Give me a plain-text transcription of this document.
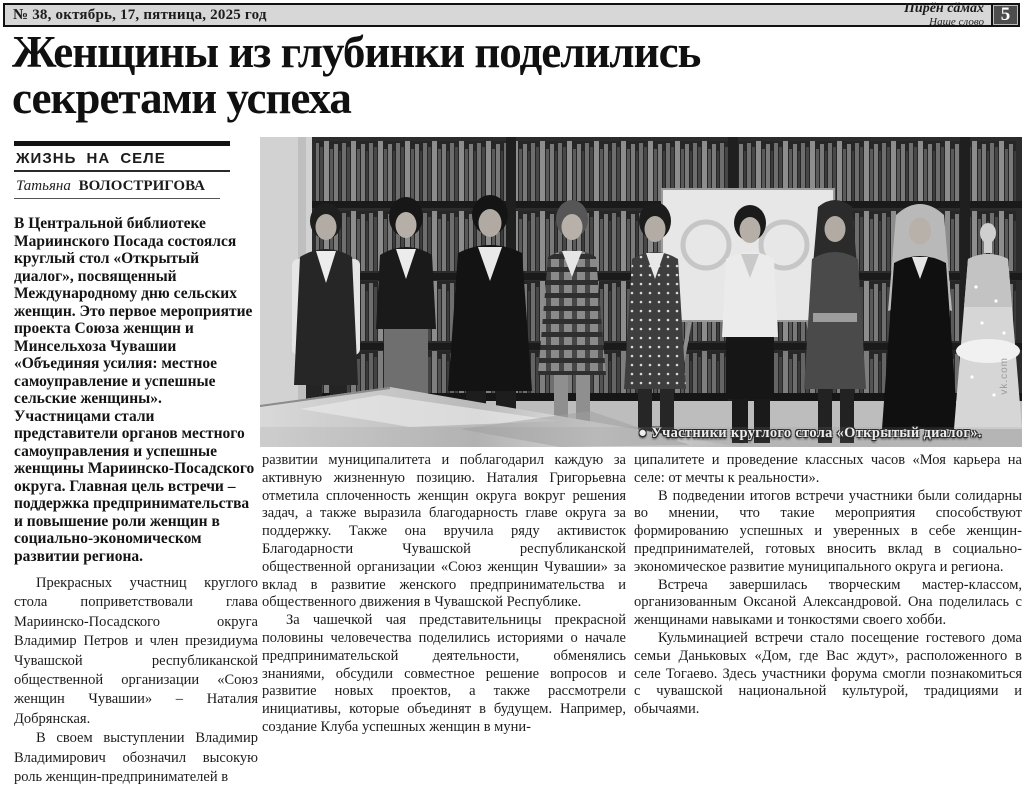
№ 38, октябрь, 17, пятница, 2025 год	Пирĕн сăмах
Наше слово 5
Женщины из глубинки поделились секретами успеха
ЖИЗНЬ НА СЕЛЕ
Татьяна ВОЛОСТРИГОВА

В Центральной библиотеке Мариинского Посада состоялся круглый стол «Открытый диалог», посвященный Международному дню сельских женщин. Это первое мероприятие проекта Союза женщин и Минсельхоза Чувашии «Объединяя усилия: местное самоуправление и успешные сельские женщины». Участницами стали представители органов местного самоуправления и успешные женщины Мариинско-Посадского округа. Главная цель встречи – поддержка предпринимательства и повышение роли женщин в социально-экономическом развитии региона.

Прекрасных участниц круглого стола поприветствовали глава Мариинско-Посадского округа Владимир Петров и член президиума Чувашской республиканской общественной организации «Союз женщин Чувашии» – Наталия Добрянская.

В своем выступлении Владимир Владимирович обозначил высокую роль женщин-предпринимателей в

● Участники круглого стола «Открытый диалог».
vk.com

развитии муниципалитета и поблагодарил каждую за активную жизненную позицию. Наталия Григорьевна отметила сплоченность женщин округа вокруг решения задач, а также выразила благодарность главе округа за поддержку. Также она вручила ряду активисток Благодарности Чувашской республиканской общественной организации «Союз женщин Чувашии» за вклад в развитие женского предпринимательства и общественного движения в Чувашской Республике.

За чашечкой чая представительницы прекрасной половины человечества поделились историями о начале предпринимательской деятельности, обменялись знаниями, обсудили совместное решение вопросов и развитие новых проектов, а также рассмотрели инициативы, которые объединят в будущем. Например, создание Клуба успешных женщин в муни-

ципалитете и проведение классных часов «Моя карьера на селе: от мечты к реальности».

В подведении итогов встречи участники были солидарны во мнении, что такие мероприятия способствуют формированию успешных и уверенных в себе женщин-предпринимателей, готовых вносить вклад в социально-экономическое развитие муниципального округа и региона.

Встреча завершилась творческим мастер-классом, организованным Оксаной Александровой. Она поделилась с женщинами навыками и тонкостями своего хобби.

Кульминацией встречи стало посещение гостевого дома семьи Даньковых «Дом, где Вас ждут», расположенного в селе Тогаево. Здесь участники форума смогли познакомиться с чувашской национальной культурой, традициями и обычаями.
